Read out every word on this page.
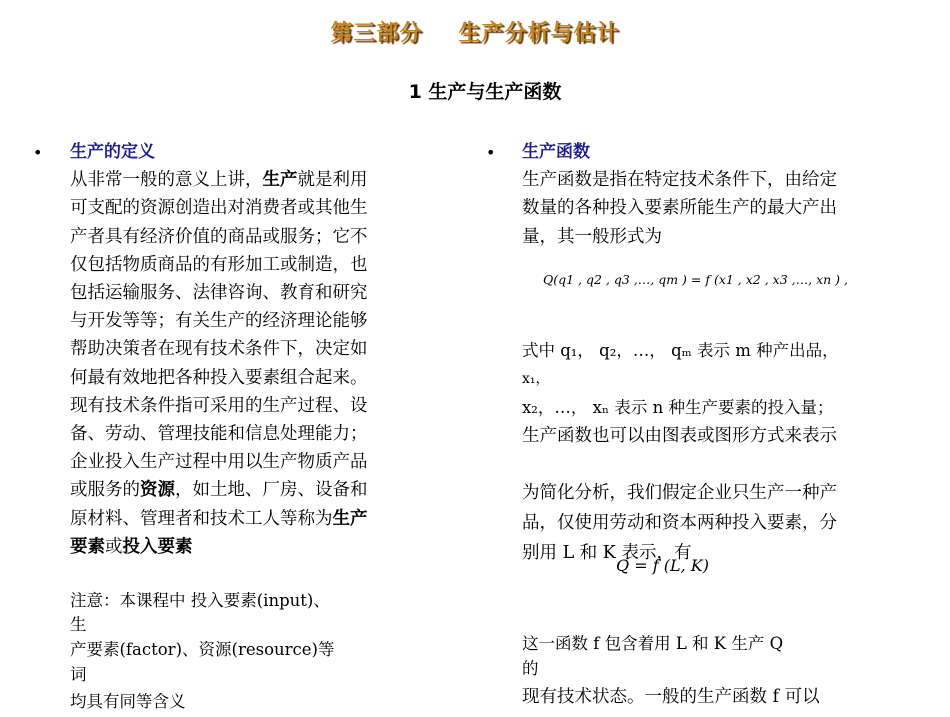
第三部分 生产分析与估计
1 生产与生产函数
• 生产的定义
从非常一般的意义上讲，生产就是利用
可支配的资源创造出对消费者或其他生
产者具有经济价值的商品或服务；它不
仅包括物质商品的有形加工或制造，也
包括运输服务、法律咨询、教育和研究
与开发等等；有关生产的经济理论能够
帮助决策者在现有技术条件下，决定如
何最有效地把各种投入要素组合起来。
现有技术条件指可采用的生产过程、设
备、劳动、管理技能和信息处理能力；
企业投入生产过程中用以生产物质产品
或服务的资源，如土地、厂房、设备和
原材料、管理者和技术工人等称为生产
要素或投入要素
注意：本课程中 投入要素(input)、
生
产要素(factor)、资源(resource)等
词
均具有同等含义
• 生产函数
生产函数是指在特定技术条件下，由给定
数量的各种投入要素所能生产的最大产出
量，其一般形式为
Q(q1 , q2 , q3 ,…, qm ) = f (x1 , x2 , x3 ,…, xn ) ,
式中 q₁， q₂，…， qₘ 表示 m 种产出品，
x₁，
x₂，…， xₙ 表示 n 种生产要素的投入量；
生产函数也可以由图表或图形方式来表示
为简化分析，我们假定企业只生产一种产
品，仅使用劳动和资本两种投入要素，分
别用 L 和 K 表示，有
Q = f (L, K)
这一函数 f 包含着用 L 和 K 生产 Q
的
现有技术状态。一般的生产函数 f 可以
